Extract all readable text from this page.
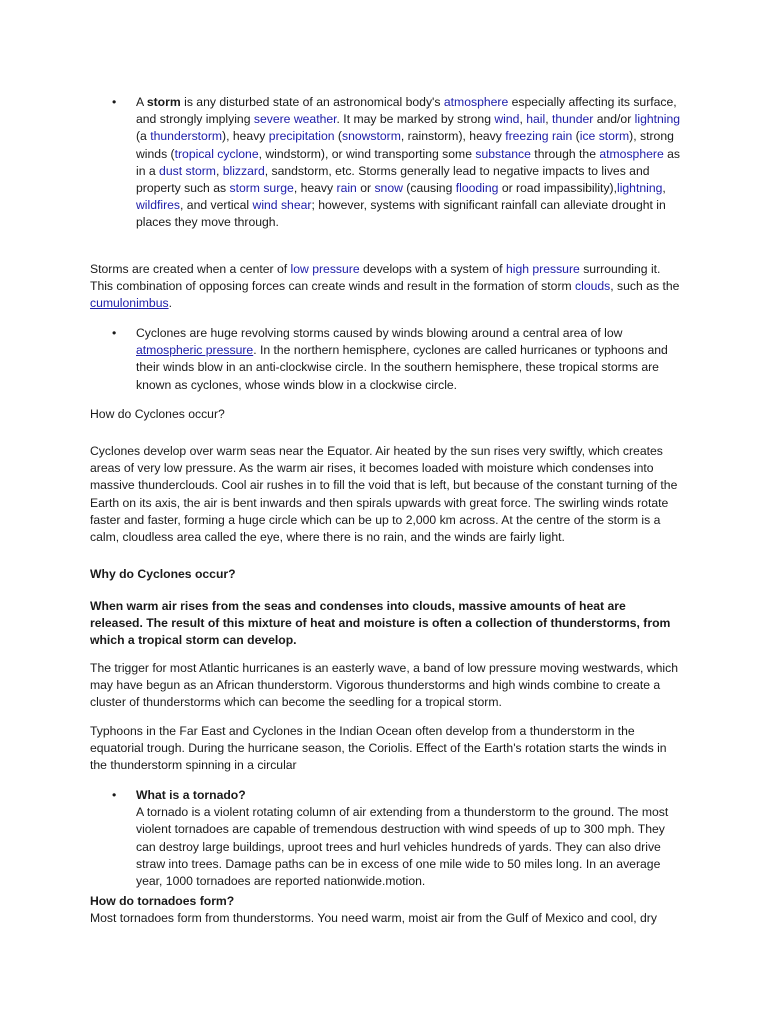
• A storm is any disturbed state of an astronomical body's atmosphere especially affecting its surface, and strongly implying severe weather. It may be marked by strong wind, hail, thunder and/or lightning (a thunderstorm), heavy precipitation (snowstorm, rainstorm), heavy freezing rain (ice storm), strong winds (tropical cyclone, windstorm), or wind transporting some substance through the atmosphere as in a dust storm, blizzard, sandstorm, etc. Storms generally lead to negative impacts to lives and property such as storm surge, heavy rain or snow (causing flooding or road impassibility),lightning, wildfires, and vertical wind shear; however, systems with significant rainfall can alleviate drought in places they move through.

Storms are created when a center of low pressure develops with a system of high pressure surrounding it. This combination of opposing forces can create winds and result in the formation of storm clouds, such as the cumulonimbus.

• Cyclones are huge revolving storms caused by winds blowing around a central area of low atmospheric pressure. In the northern hemisphere, cyclones are called hurricanes or typhoons and their winds blow in an anti-clockwise circle. In the southern hemisphere, these tropical storms are known as cyclones, whose winds blow in a clockwise circle.

How do Cyclones occur?

Cyclones develop over warm seas near the Equator. Air heated by the sun rises very swiftly, which creates areas of very low pressure. As the warm air rises, it becomes loaded with moisture which condenses into massive thunderclouds. Cool air rushes in to fill the void that is left, but because of the constant turning of the Earth on its axis, the air is bent inwards and then spirals upwards with great force. The swirling winds rotate faster and faster, forming a huge circle which can be up to 2,000 km across. At the centre of the storm is a calm, cloudless area called the eye, where there is no rain, and the winds are fairly light.

Why do Cyclones occur?

When warm air rises from the seas and condenses into clouds, massive amounts of heat are released. The result of this mixture of heat and moisture is often a collection of thunderstorms, from which a tropical storm can develop.

The trigger for most Atlantic hurricanes is an easterly wave, a band of low pressure moving westwards, which may have begun as an African thunderstorm. Vigorous thunderstorms and high winds combine to create a cluster of thunderstorms which can become the seedling for a tropical storm.

Typhoons in the Far East and Cyclones in the Indian Ocean often develop from a thunderstorm in the equatorial trough. During the hurricane season, the Coriolis. Effect of the Earth's rotation starts the winds in the thunderstorm spinning in a circular

• What is a tornado?
A tornado is a violent rotating column of air extending from a thunderstorm to the ground. The most violent tornadoes are capable of tremendous destruction with wind speeds of up to 300 mph. They can destroy large buildings, uproot trees and hurl vehicles hundreds of yards. They can also drive straw into trees. Damage paths can be in excess of one mile wide to 50 miles long. In an average year, 1000 tornadoes are reported nationwide.motion.

How do tornadoes form?
Most tornadoes form from thunderstorms. You need warm, moist air from the Gulf of Mexico and cool, dry
